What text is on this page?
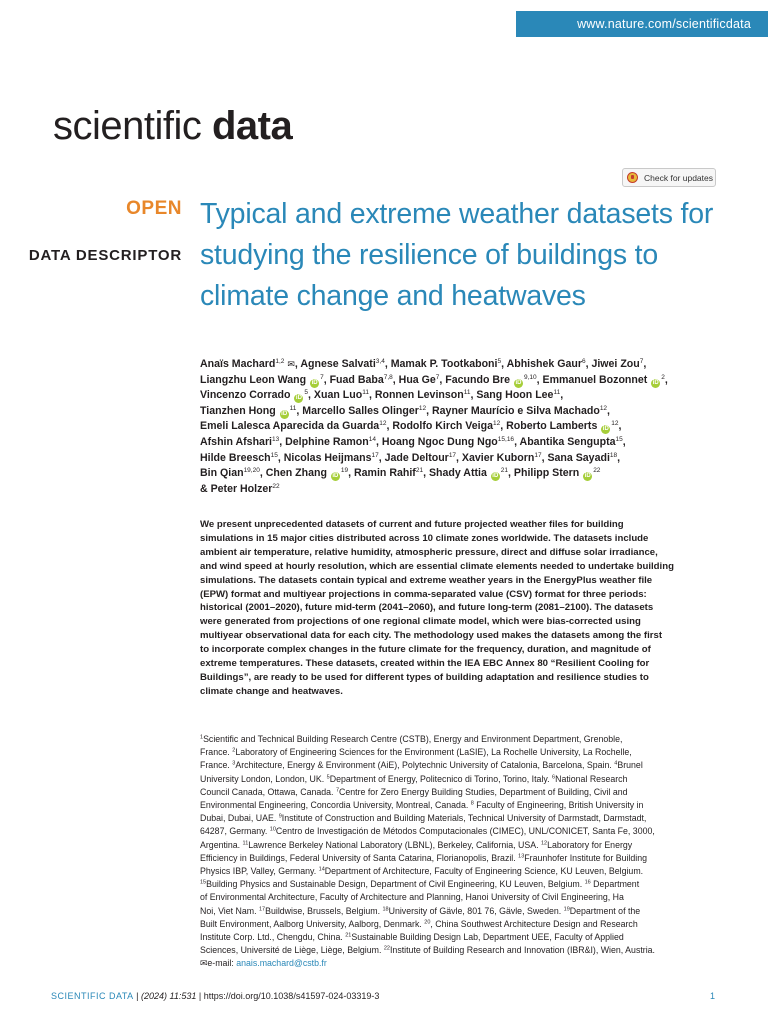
www.nature.com/scientificdata
scientific data
Check for updates
OPEN
DATA DESCRIPTOR
Typical and extreme weather datasets for studying the resilience of buildings to climate change and heatwaves
Anaïs Machard$^{1,2}$ ✉, Agnese Salvati$^{3,4}$, Mamak P. Tootkaboni$^5$, Abhishek Gaur$^6$, Jiwei Zou$^7$,
Liangzhu Leon Wang $iD^7$, Fuad Baba$^{7,8}$, Hua Ge$^7$, Facundo Bre iD$^{9,10}$, Emmanuel Bozonnet $iD^2$,
Vincenzo Corrado $iD^5$, Xuan Luo$^{11}$, Ronnen Levinson$^{11}$, Sang Hoon Lee$^{11}$,
Tianzhen Hong $iD^{11}$, Marcello Salles Olinger$^{12}$, Rayner Maurício e Silva Machado$^{12}$,
Emeli Lalesca Aparecida da Guarda$^{12}$, Rodolfo Kirch Veiga$^{12}$, Roberto Lamberts $iD^{12}$,
Afshin Afshari$^{13}$, Delphine Ramon$^{14}$, Hoang Ngoc Dung Ngo$^{15,16}$, Abantika Sengupta$^{15}$,
Hilde Breesch$^{15}$, Nicolas Heijmans$^{17}$, Jade Deltour$^{17}$, Xavier Kuborn$^{17}$, Sana Sayadi$^{18}$,
Bin Qian$^{19,20}$, Chen Zhang $iD^{19}$, Ramin Rahif$^{21}$, Shady Attia $iD^{21}$, Philipp Stern $iD^{22}$
& Peter Holzer$^{22}$
We present unprecedented datasets of current and future projected weather files for building
simulations in 15 major cities distributed across 10 climate zones worldwide. The datasets include
ambient air temperature, relative humidity, atmospheric pressure, direct and diffuse solar irradiance,
and wind speed at hourly resolution, which are essential climate elements needed to undertake building
simulations. The datasets contain typical and extreme weather years in the EnergyPlus weather file
(EPW) format and multiyear projections in comma-separated value (CSV) format for three periods:
historical (2001–2020), future mid-term (2041–2060), and future long-term (2081–2100). The datasets
were generated from projections of one regional climate model, which were bias-corrected using
multiyear observational data for each city. The methodology used makes the datasets among the first
to incorporate complex changes in the future climate for the frequency, duration, and magnitude of
extreme temperatures. These datasets, created within the IEA EBC Annex 80 “Resilient Cooling for
Buildings”, are ready to be used for different types of building adaptation and resilience studies to
climate change and heatwaves.
$^1$Scientific and Technical Building Research Centre (CSTB), Energy and Environment Department, Grenoble,
France. $^2$Laboratory of Engineering Sciences for the Environment (LaSIE), La Rochelle University, La Rochelle,
France. $^3$Architecture, Energy & Environment (AiE), Polytechnic University of Catalonia, Barcelona, Spain. $^4$Brunel
University London, London, UK. $^5$Department of Energy, Politecnico di Torino, Torino, Italy. $^6$National Research
Council Canada, Ottawa, Canada. $^7$Centre for Zero Energy Building Studies, Department of Building, Civil and
Environmental Engineering, Concordia University, Montreal, Canada. $^8$ Faculty of Engineering, British University in
Dubai, Dubai, UAE. $^9$Institute of Construction and Building Materials, Technical University of Darmstadt, Darmstadt,
64287, Germany. $^{10}$Centro de Investigación de Métodos Computacionales (CIMEC), UNL/CONICET, Santa Fe, 3000,
Argentina. $^{11}$Lawrence Berkeley National Laboratory (LBNL), Berkeley, California, USA. $^{12}$Laboratory for Energy
Efficiency in Buildings, Federal University of Santa Catarina, Florianopolis, Brazil. $^{13}$Fraunhofer Institute for Building
Physics IBP, Valley, Germany. $^{14}$Department of Architecture, Faculty of Engineering Science, KU Leuven, Belgium.
$^{15}$Building Physics and Sustainable Design, Department of Civil Engineering, KU Leuven, Belgium. $^{16}$ Department
of Environmental Architecture, Faculty of Architecture and Planning, Hanoi University of Civil Engineering, Ha
Noi, Viet Nam. $^{17}$Buildwise, Brussels, Belgium. $^{18}$University of Gävle, 801 76, Gävle, Sweden. $^{19}$Department of the
Built Environment, Aalborg University, Aalborg, Denmark. $^{20}$, China Southwest Architecture Design and Research
Institute Corp. Ltd., Chengdu, China. $^{21}$Sustainable Building Design Lab, Department UEE, Faculty of Applied
Sciences, Université de Liège, Liège, Belgium. $^{22}$Institute of Building Research and Innovation (IBR&I), Wien, Austria.
✉e-mail: anais.machard@cstb.fr
SCIENTIFIC DATA | (2024) 11:531 | https://doi.org/10.1038/s41597-024-03319-3	1
